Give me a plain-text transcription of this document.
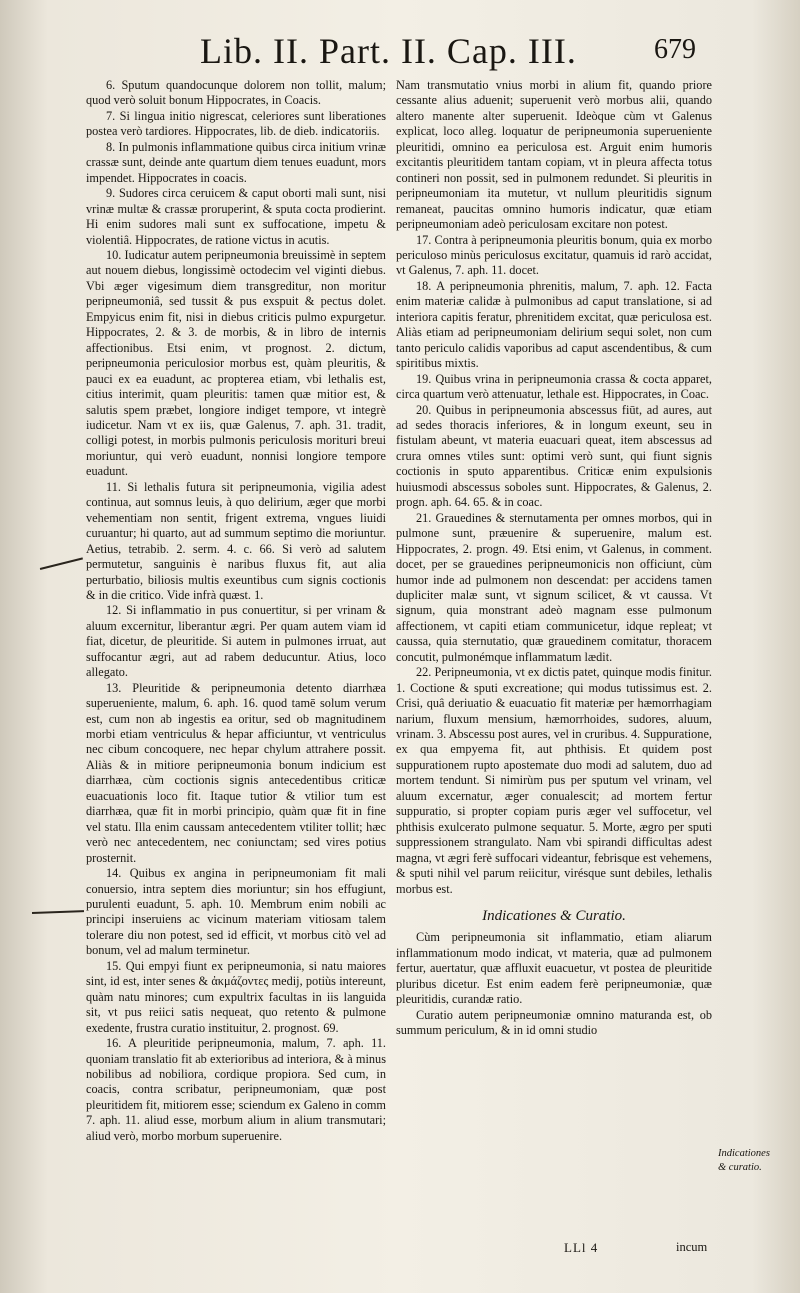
Lib. II. Part. II. Cap. III.	679

6. Sputum quandocunque dolorem non tollit, malum; quod verò soluit bonum Hippocrates, in Coacis.

7. Si lingua initio nigrescat, celeriores sunt liberationes postea verò tardiores. Hippocrates, lib. de dieb. indicatoriis.

8. In pulmonis inflammatione quibus circa initium vrinæ crassæ sunt, deinde ante quartum diem tenues euadunt, mors impendet. Hippocrates in coacis.

9. Sudores circa ceruicem & caput oborti mali sunt, nisi vrinæ multæ & crassæ proruperint, & sputa cocta prodierint. Hi enim sudores mali sunt ex suffocatione, impetu & violentiâ. Hippocrates, de ratione victus in acutis.

10. Iudicatur autem peripneumonia breuissimè in septem aut nouem diebus, longissimè octodecim vel viginti diebus. Vbi æger vigesimum diem transgreditur, non moritur peripneumoniâ, sed tussit & pus exspuit & pectus dolet. Empyicus enim fit, nisi in diebus criticis pulmo expurgetur. Hippocrates, 2. & 3. de morbis, & in libro de internis affectionibus. Etsi enim, vt prognost. 2. dictum, peripneumonia periculosior morbus est, quàm pleuritis, & pauci ex ea euadunt, ac propterea etiam, vbi lethalis est, citius interimit, quam pleuritis: tamen quæ mitior est, & salutis spem præbet, longiore indiget tempore, vt integrè iudicetur. Nam vt ex iis, quæ Galenus, 7. aph. 31. tradit, colligi potest, in morbis pulmonis periculosis morituri breui moriuntur, qui verò euadunt, nonnisi longiore tempore euadunt.

11. Si lethalis futura sit peripneumonia, vigilia adest continua, aut somnus leuis, à quo delirium, æger que morbi vehementiam non sentit, frigent extrema, vngues liuidi curuantur; hi quarto, aut ad summum septimo die moriuntur. Aetius, tetrabib. 2. serm. 4. c. 66. Si verò ad salutem permutetur, sanguinis è naribus fluxus fit, aut alia perturbatio, biliosis multis exeuntibus cum signis coctionis & in die critico. Vide infrà quæst. 1.

12. Si inflammatio in pus conuertitur, si per vrinam & aluum excernitur, liberantur ægri. Per quam autem viam id fiat, dicetur, de pleuritide. Si autem in pulmones irruat, aut suffocantur ægri, aut ad rabem deducuntur. Atius, loco allegato.

13. Pleuritide & peripneumonia detento diarrhæa superueniente, malum, 6. aph. 16. quod tamē solum verum est, cum non ab ingestis ea oritur, sed ob magnitudinem morbi etiam ventriculus & hepar afficiuntur, vt ventriculus nec cibum concoquere, nec hepar chylum attrahere possit. Aliàs & in mitiore peripneumonia bonum indicium est diarrhæa, cùm coctionis signis antecedentibus criticæ euacuationis loco fit. Itaque tutior & vtilior tum est diarrhæa, quæ fit in morbi principio, quàm quæ fit in fine vel statu. Illa enim caussam antecedentem vtiliter tollit; hæc verò nec antecedentem, nec coniunctam; sed vires potius prosternit.

14. Quibus ex angina in peripneumoniam fit mali conuersio, intra septem dies moriuntur; sin hos effugiunt, purulenti euadunt, 5. aph. 10. Membrum enim nobili ac principi inseruiens ac vicinum materiam vitiosam talem tolerare diu non potest, sed id efficit, vt morbus citò vel ad bonum, vel ad malum terminetur.

15. Qui empyi fiunt ex peripneumonia, si natu maiores sint, id est, inter senes & ἀκμάζοντες medij, potiùs intereunt, quàm natu minores; cum expultrix facultas in iis languida sit, vt pus reiici satis nequeat, quo retento & pulmone exedente, frustra curatio instituitur, 2. prognost. 69.

16. A pleuritide peripneumonia, malum, 7. aph. 11. quoniam translatio fit ab exterioribus ad interiora, & à minus nobilibus ad nobiliora, cordique propiora. Sed cum, in coacis, contra scribatur, peripneumoniam, quæ post pleuritidem fit, mitiorem esse; sciendum ex Galeno in comm 7. aph. 11. aliud esse, morbum alium in alium transmutari; aliud verò, morbo morbum superuenire.

Nam transmutatio vnius morbi in alium fit, quando priore cessante alius aduenit; superuenit verò morbus alii, quando altero manente alter superuenit. Ideòque cùm vt Galenus explicat, loco alleg. loquatur de peripneumonia superueniente pleuritidi, omnino ea periculosa est. Arguit enim humoris excitantis pleuritidem tantam copiam, vt in pleura affecta totus contineri non possit, sed in pulmonem redundet. Si pleuritis in peripneumoniam ita mutetur, vt nullum pleuritidis signum remaneat, paucitas omnino humoris indicatur, quæ etiam peripneumoniam adeò periculosam excitare non potest.

17. Contra à peripneumonia pleuritis bonum, quia ex morbo periculoso minùs periculosus excitatur, quamuis id rarò accidat, vt Galenus, 7. aph. 11. docet.

18. A peripneumonia phrenitis, malum, 7. aph. 12. Facta enim materiæ calidæ à pulmonibus ad caput translatione, si ad interiora capitis feratur, phrenitidem excitat, quæ periculosa est. Aliàs etiam ad peripneumoniam delirium sequi solet, non cum tanto periculo calidis vaporibus ad caput ascendentibus, & cum spiritibus mixtis.

19. Quibus vrina in peripneumonia crassa & cocta apparet, circa quartum verò attenuatur, lethale est. Hippocrates, in Coac.

20. Quibus in peripneumonia abscessus fiūt, ad aures, aut ad sedes thoracis inferiores, & in longum exeunt, seu in fistulam abeunt, vt materia euacuari queat, item abscessus ad crura omnes vtiles sunt: optimi verò sunt, qui fiunt signis coctionis in sputo apparentibus. Criticæ enim expulsionis huiusmodi abscessus soboles sunt. Hippocrates, & Galenus, 2. progn. aph. 64. 65. & in coac.

21. Grauedines & sternutamenta per omnes morbos, qui in pulmone sunt, præuenire & superuenire, malum est. Hippocrates, 2. progn. 49. Etsi enim, vt Galenus, in comment. docet, per se grauedines peripneumonicis non officiunt, cùm humor inde ad pulmonem non descendat: per accidens tamen dupliciter malæ sunt, vt signum scilicet, & vt caussa. Vt signum, quia monstrant adeò magnam esse pulmonum affectionem, vt capiti etiam communicetur, idque repleat; vt caussa, quia sternutatio, quæ grauedinem comitatur, thoracem concutit, pulmonémque inflammatum lædit.

22. Peripneumonia, vt ex dictis patet, quinque modis finitur. 1. Coctione & sputi excreatione; qui modus tutissimus est. 2. Crisi, quâ deriuatio & euacuatio fit materiæ per hæmorrhagiam narium, fluxum mensium, hæmorrhoides, sudores, aluum, vrinam. 3. Abscessu post aures, vel in cruribus. 4. Suppuratione, ex qua empyema fit, aut phthisis. Et quidem post suppurationem rupto apostemate duo modi ad salutem, duo ad mortem tendunt. Si nimirùm pus per sputum vel vrinam, vel aluum excernatur, æger conualescit; ad mortem fertur suppuratio, si propter copiam puris æger vel suffocetur, vel phthisis exulcerato pulmone sequatur. 5. Morte, ægro per sputi suppressionem strangulato. Nam vbi spirandi difficultas adest magna, vt ægri ferè suffocari videantur, febrisque est vehemens, & sputi nihil vel parum reiicitur, virésque sunt debiles, lethalis morbus est.

Indicationes & Curatio.

Cùm peripneumonia sit inflammatio, etiam aliarum inflammationum modo indicat, vt materia, quæ ad pulmonem fertur, auertatur, quæ affluxit euacuetur, vt postea de pleuritide pluribus dicetur. Est enim eadem ferè peripneumoniæ, quæ pleuritidis, curandæ ratio.

Curatio autem peripneumoniæ omnino maturanda est, ob summum periculum, & in id omni studio

Indicationes
& curatio.
LLl 4	incum
